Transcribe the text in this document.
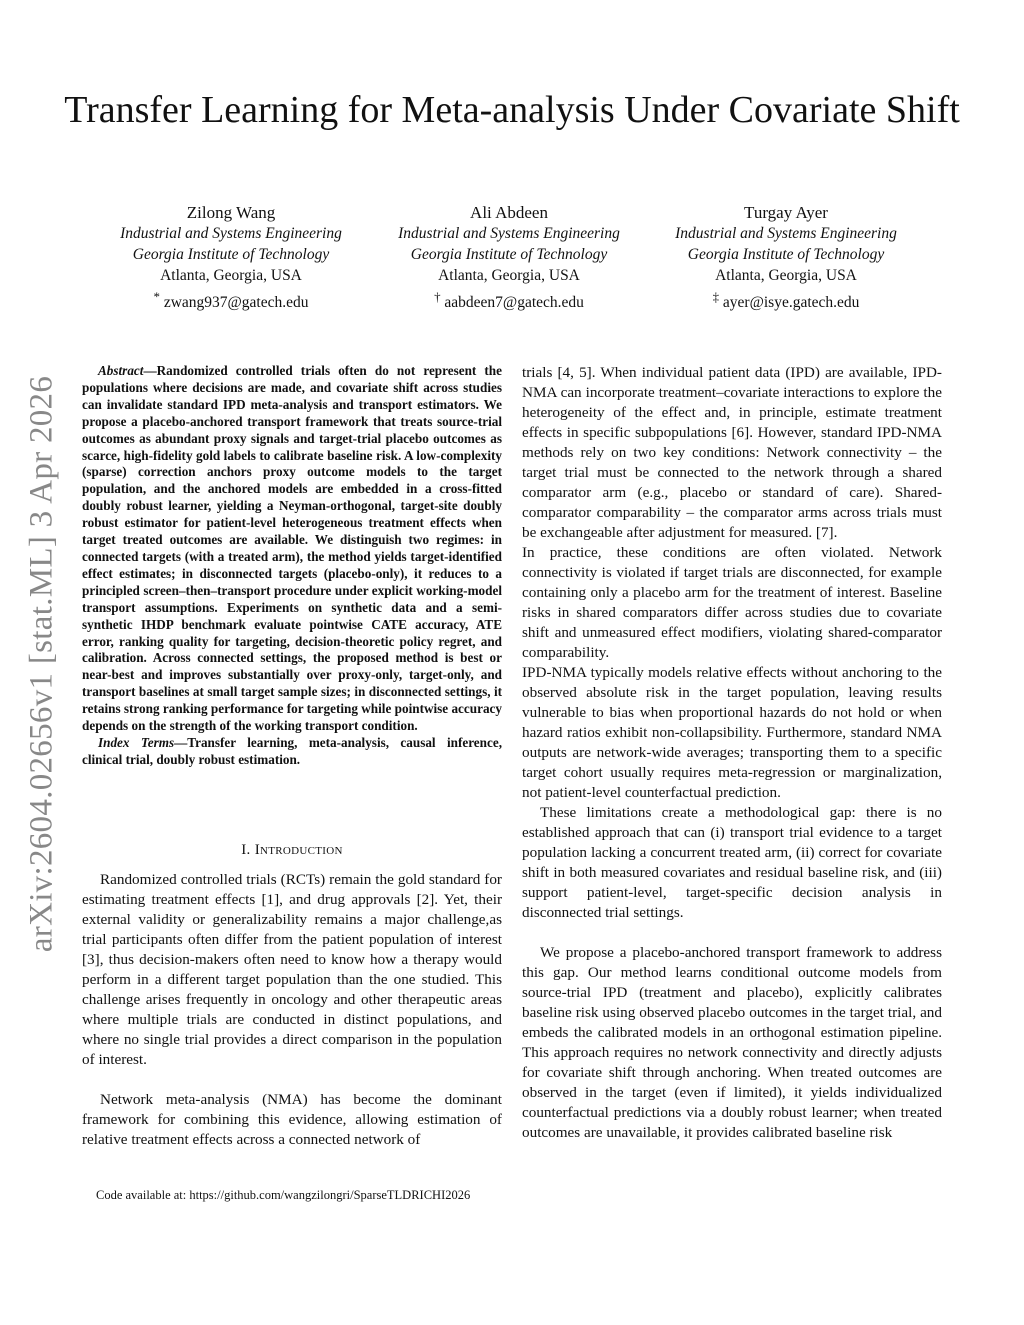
Transfer Learning for Meta-analysis Under Covariate Shift
Zilong Wang
Industrial and Systems Engineering
Georgia Institute of Technology
Atlanta, Georgia, USA
* zwang937@gatech.edu
Ali Abdeen
Industrial and Systems Engineering
Georgia Institute of Technology
Atlanta, Georgia, USA
† aabdeen7@gatech.edu
Turgay Ayer
Industrial and Systems Engineering
Georgia Institute of Technology
Atlanta, Georgia, USA
‡ ayer@isye.gatech.edu
arXiv:2604.02656v1 [stat.ML] 3 Apr 2026

Abstract—Randomized controlled trials often do not represent the populations where decisions are made, and covariate shift across studies can invalidate standard IPD meta-analysis and transport estimators. We propose a placebo-anchored transport framework that treats source-trial outcomes as abundant proxy signals and target-trial placebo outcomes as scarce, high-fidelity gold labels to calibrate baseline risk. A low-complexity (sparse) correction anchors proxy outcome models to the target population, and the anchored models are embedded in a cross-fitted doubly robust learner, yielding a Neyman-orthogonal, target-site doubly robust estimator for patient-level heterogeneous treatment effects when target treated outcomes are available. We distinguish two regimes: in connected targets (with a treated arm), the method yields target-identified effect estimates; in disconnected targets (placebo-only), it reduces to a principled screen–then–transport procedure under explicit working-model transport assumptions. Experiments on synthetic data and a semi-synthetic IHDP benchmark evaluate pointwise CATE accuracy, ATE error, ranking quality for targeting, decision-theoretic policy regret, and calibration. Across connected settings, the proposed method is best or near-best and improves substantially over proxy-only, target-only, and transport baselines at small target sample sizes; in disconnected settings, it retains strong ranking performance for targeting while pointwise accuracy depends on the strength of the working transport condition.

Index Terms—Transfer learning, meta-analysis, causal inference, clinical trial, doubly robust estimation.

I. Introduction

Randomized controlled trials (RCTs) remain the gold standard for estimating treatment effects [1], and drug approvals [2]. Yet, their external validity or generalizability remains a major challenge,as trial participants often differ from the patient population of interest [3], thus decision-makers often need to know how a therapy would perform in a different target population than the one studied. This challenge arises frequently in oncology and other therapeutic areas where multiple trials are conducted in distinct populations, and where no single trial provides a direct comparison in the population of interest.

Network meta-analysis (NMA) has become the dominant framework for combining this evidence, allowing estimation of relative treatment effects across a connected network of

Code available at: https://github.com/wangzilongri/SparseTLDRICHI2026

trials [4, 5]. When individual patient data (IPD) are available, IPD-NMA can incorporate treatment–covariate interactions to explore the heterogeneity of the effect and, in principle, estimate treatment effects in specific subpopulations [6]. However, standard IPD-NMA methods rely on two key conditions: Network connectivity – the target trial must be connected to the network through a shared comparator arm (e.g., placebo or standard of care). Shared-comparator comparability – the comparator arms across trials must be exchangeable after adjustment for measured. [7].

In practice, these conditions are often violated. Network connectivity is violated if target trials are disconnected, for example containing only a placebo arm for the treatment of interest. Baseline risks in shared comparators differ across studies due to covariate shift and unmeasured effect modifiers, violating shared-comparator comparability.

IPD-NMA typically models relative effects without anchoring to the observed absolute risk in the target population, leaving results vulnerable to bias when proportional hazards do not hold or when hazard ratios exhibit non-collapsibility. Furthermore, standard NMA outputs are network-wide averages; transporting them to a specific target cohort usually requires meta-regression or marginalization, not patient-level counterfactual prediction.

These limitations create a methodological gap: there is no established approach that can (i) transport trial evidence to a target population lacking a concurrent treated arm, (ii) correct for covariate shift in both measured covariates and residual baseline risk, and (iii) support patient-level, target-specific decision analysis in disconnected trial settings.

We propose a placebo-anchored transport framework to address this gap. Our method learns conditional outcome models from source-trial IPD (treatment and placebo), explicitly calibrates baseline risk using observed placebo outcomes in the target trial, and embeds the calibrated models in an orthogonal estimation pipeline. This approach requires no network connectivity and directly adjusts for covariate shift through anchoring. When treated outcomes are observed in the target (even if limited), it yields individualized counterfactual predictions via a doubly robust learner; when treated outcomes are unavailable, it provides calibrated baseline risk
